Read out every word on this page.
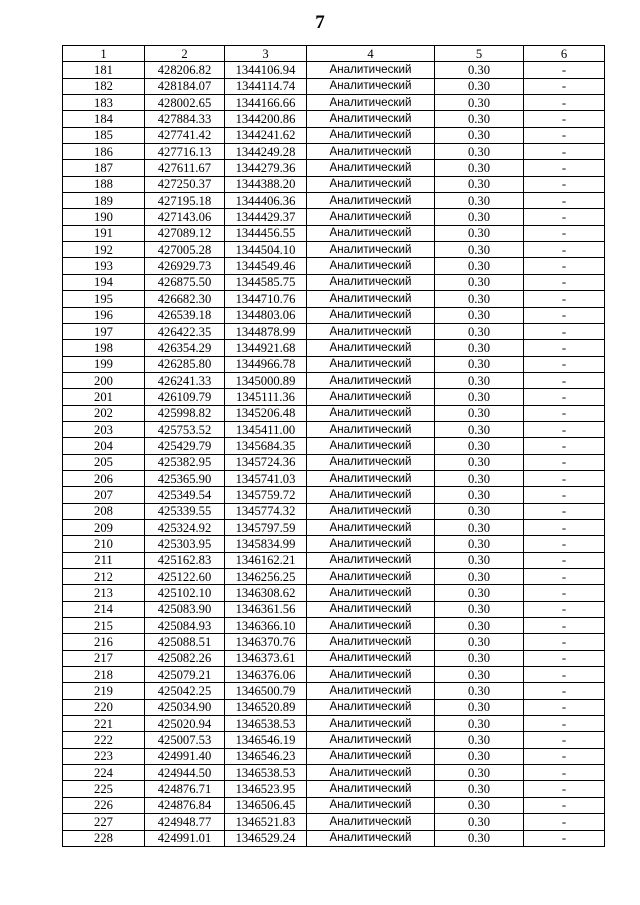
7
1	2	3	4	5	6
181	428206.82	1344106.94	Аналитический	0.30	-
182	428184.07	1344114.74	Аналитический	0.30	-
183	428002.65	1344166.66	Аналитический	0.30	-
184	427884.33	1344200.86	Аналитический	0.30	-
185	427741.42	1344241.62	Аналитический	0.30	-
186	427716.13	1344249.28	Аналитический	0.30	-
187	427611.67	1344279.36	Аналитический	0.30	-
188	427250.37	1344388.20	Аналитический	0.30	-
189	427195.18	1344406.36	Аналитический	0.30	-
190	427143.06	1344429.37	Аналитический	0.30	-
191	427089.12	1344456.55	Аналитический	0.30	-
192	427005.28	1344504.10	Аналитический	0.30	-
193	426929.73	1344549.46	Аналитический	0.30	-
194	426875.50	1344585.75	Аналитический	0.30	-
195	426682.30	1344710.76	Аналитический	0.30	-
196	426539.18	1344803.06	Аналитический	0.30	-
197	426422.35	1344878.99	Аналитический	0.30	-
198	426354.29	1344921.68	Аналитический	0.30	-
199	426285.80	1344966.78	Аналитический	0.30	-
200	426241.33	1345000.89	Аналитический	0.30	-
201	426109.79	1345111.36	Аналитический	0.30	-
202	425998.82	1345206.48	Аналитический	0.30	-
203	425753.52	1345411.00	Аналитический	0.30	-
204	425429.79	1345684.35	Аналитический	0.30	-
205	425382.95	1345724.36	Аналитический	0.30	-
206	425365.90	1345741.03	Аналитический	0.30	-
207	425349.54	1345759.72	Аналитический	0.30	-
208	425339.55	1345774.32	Аналитический	0.30	-
209	425324.92	1345797.59	Аналитический	0.30	-
210	425303.95	1345834.99	Аналитический	0.30	-
211	425162.83	1346162.21	Аналитический	0.30	-
212	425122.60	1346256.25	Аналитический	0.30	-
213	425102.10	1346308.62	Аналитический	0.30	-
214	425083.90	1346361.56	Аналитический	0.30	-
215	425084.93	1346366.10	Аналитический	0.30	-
216	425088.51	1346370.76	Аналитический	0.30	-
217	425082.26	1346373.61	Аналитический	0.30	-
218	425079.21	1346376.06	Аналитический	0.30	-
219	425042.25	1346500.79	Аналитический	0.30	-
220	425034.90	1346520.89	Аналитический	0.30	-
221	425020.94	1346538.53	Аналитический	0.30	-
222	425007.53	1346546.19	Аналитический	0.30	-
223	424991.40	1346546.23	Аналитический	0.30	-
224	424944.50	1346538.53	Аналитический	0.30	-
225	424876.71	1346523.95	Аналитический	0.30	-
226	424876.84	1346506.45	Аналитический	0.30	-
227	424948.77	1346521.83	Аналитический	0.30	-
228	424991.01	1346529.24	Аналитический	0.30	-
